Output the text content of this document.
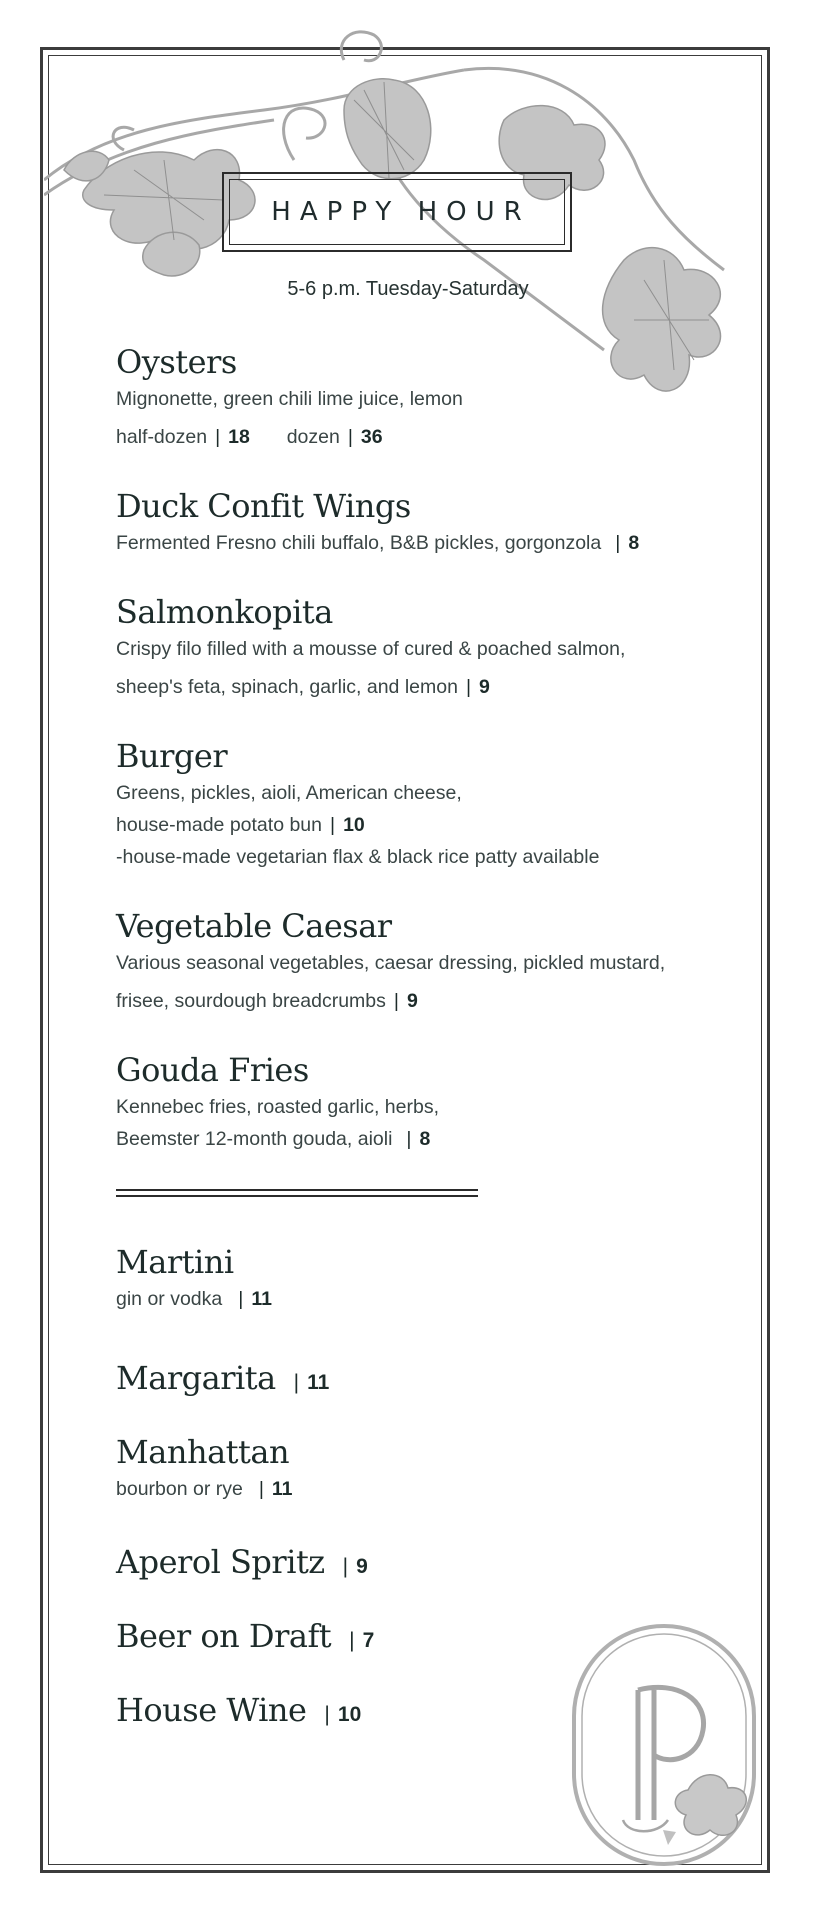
HAPPY HOUR
5-6 p.m. Tuesday-Saturday
Oysters
Mignonette, green chili lime juice, lemon
half-dozen | 18 dozen | 36
Duck Confit Wings
Fermented Fresno chili buffalo, B&B pickles, gorgonzola | 8
Salmonkopita
Crispy filo filled with a mousse of cured & poached salmon,
sheep's feta, spinach, garlic, and lemon | 9
Burger
Greens, pickles, aioli, American cheese,
house-made potato bun | 10
-house-made vegetarian flax & black rice patty available
Vegetable Caesar
Various seasonal vegetables, caesar dressing, pickled mustard,
frisee, sourdough breadcrumbs | 9
Gouda Fries
Kennebec fries, roasted garlic, herbs,
Beemster 12-month gouda, aioli | 8
Martini
gin or vodka | 11
Margarita | 11
Manhattan
bourbon or rye | 11
Aperol Spritz | 9
Beer on Draft | 7
House Wine | 10
